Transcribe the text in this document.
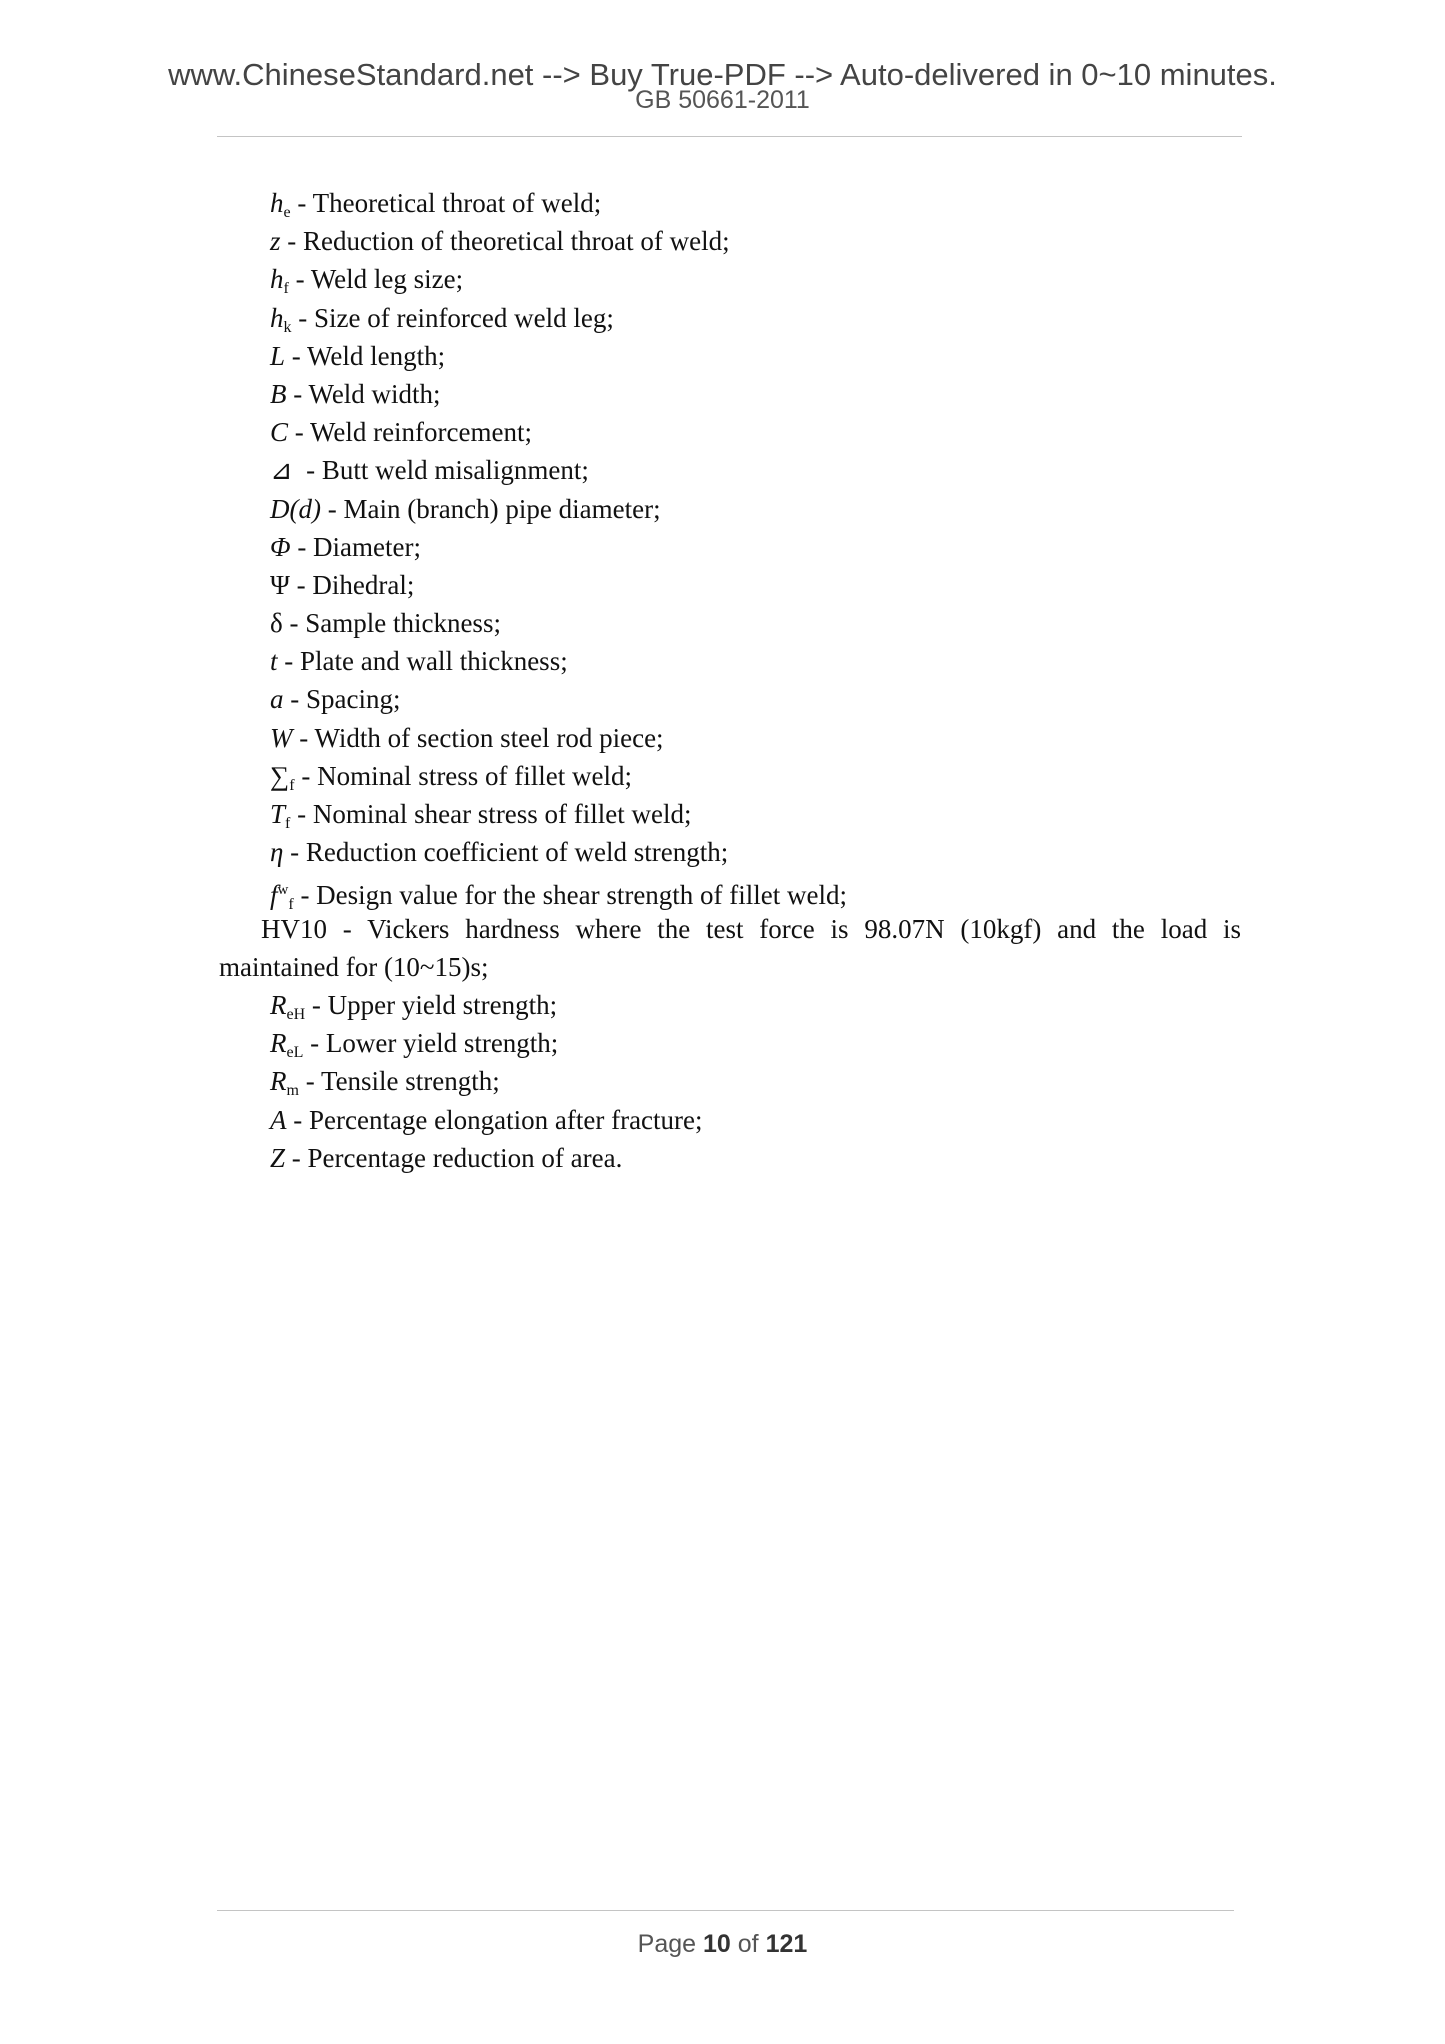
www.ChineseStandard.net --> Buy True-PDF --> Auto-delivered in 0~10 minutes.
GB 50661-2011
$h_e$ - Theoretical throat of weld;
z - Reduction of theoretical throat of weld;
$h_f$ - Weld leg size;
$h_k$ - Size of reinforced weld leg;
L - Weld length;
B - Weld width;
C - Weld reinforcement;
⊿  - Butt weld misalignment;
D(d) - Main (branch) pipe diameter;
Φ - Diameter;
Ψ - Dihedral;
δ - Sample thickness;
t - Plate and wall thickness;
a - Spacing;
W - Width of section steel rod piece;
$\sum_f$ - Nominal stress of fillet weld;
$T_f$ - Nominal shear stress of fillet weld;
η - Reduction coefficient of weld strength;
$f^w_f$ - Design value for the shear strength of fillet weld;
HV10 - Vickers hardness where the test force is 98.07N (10kgf) and the load is
maintained for (10~15)s;
$R_{eH}$ - Upper yield strength;
$R_{eL}$ - Lower yield strength;
$R_m$ - Tensile strength;
A - Percentage elongation after fracture;
Z - Percentage reduction of area.
Page 10 of 121
